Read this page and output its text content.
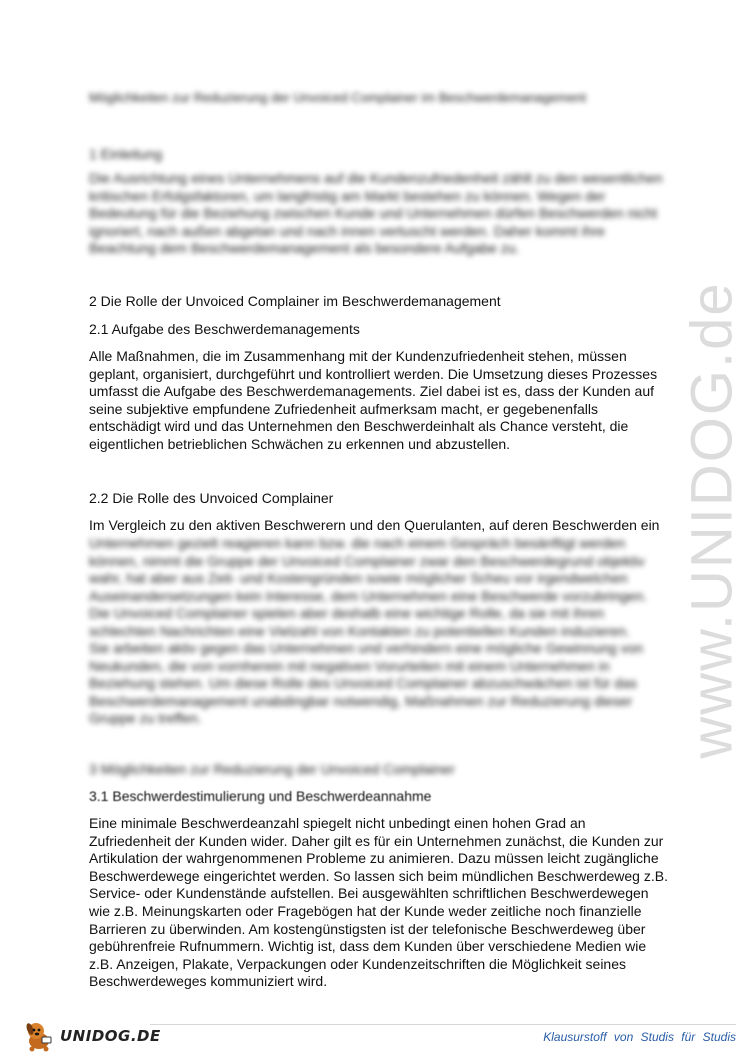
Möglichkeiten zur Reduzierung der Unvoiced Complainer im Beschwerdemanagement
1 Einleitung
Die Ausrichtung eines Unternehmens auf die Kundenzufriedenheit zählt zu den wesentlichen
kritischen Erfolgsfaktoren, um langfristig am Markt bestehen zu können. Wegen der
Bedeutung für die Beziehung zwischen Kunde und Unternehmen dürfen Beschwerden nicht
ignoriert, nach außen abgetan und nach innen vertuscht werden. Daher kommt ihre
Beachtung dem Beschwerdemanagement als besondere Aufgabe zu.
2 Die Rolle der Unvoiced Complainer im Beschwerdemanagement
2.1 Aufgabe des Beschwerdemanagements
Alle Maßnahmen, die im Zusammenhang mit der Kundenzufriedenheit stehen, müssen geplant, organisiert, durchgeführt und kontrolliert werden. Die Umsetzung dieses Prozesses umfasst die Aufgabe des Beschwerdemanagements. Ziel dabei ist es, dass der Kunden auf seine subjektive empfundene Zufriedenheit aufmerksam macht, er gegebenenfalls entschädigt wird und das Unternehmen den Beschwerdeinhalt als Chance versteht, die eigentlichen betrieblichen Schwächen zu erkennen und abzustellen.
2.2 Die Rolle des Unvoiced Complainer
Im Vergleich zu den aktiven Beschwerern und den Querulanten, auf deren Beschwerden ein
Unternehmen gezielt reagieren kann bzw. die nach einem Gespräch besänftigt werden
können, nimmt die Gruppe der Unvoiced Complainer zwar den Beschwerdegrund objektiv
wahr, hat aber aus Zeit- und Kostengründen sowie möglicher Scheu vor irgendwelchen
Auseinandersetzungen kein Interesse, dem Unternehmen eine Beschwerde vorzubringen.
Die Unvoiced Complainer spielen aber deshalb eine wichtige Rolle, da sie mit ihren
schlechten Nachrichten eine Vielzahl von Kontakten zu potentiellen Kunden induzieren.
Sie arbeiten aktiv gegen das Unternehmen und verhindern eine mögliche Gewinnung von
Neukunden, die von vornherein mit negativen Vorurteilen mit einem Unternehmen in
Beziehung stehen. Um diese Rolle des Unvoiced Complainer abzuschwächen ist für das
Beschwerdemanagement unabdingbar notwendig, Maßnahmen zur Reduzierung dieser
Gruppe zu treffen.
3 Möglichkeiten zur Reduzierung der Unvoiced Complainer
3.1 Beschwerdestimulierung und Beschwerdeannahme
Eine minimale Beschwerdeanzahl spiegelt nicht unbedingt einen hohen Grad an Zufriedenheit der Kunden wider. Daher gilt es für ein Unternehmen zunächst, die Kunden zur Artikulation der wahrgenommenen Probleme zu animieren. Dazu müssen leicht zugängliche Beschwerdewege eingerichtet werden. So lassen sich beim mündlichen Beschwerdeweg z.B. Service- oder Kundenstände aufstellen. Bei ausgewählten schriftlichen Beschwerdewegen wie z.B. Meinungskarten oder Fragebögen hat der Kunde weder zeitliche noch finanzielle Barrieren zu überwinden. Am kostengünstigsten ist der telefonische Beschwerdeweg über gebührenfreie Rufnummern. Wichtig ist, dass dem Kunden über verschiedene Medien wie z.B. Anzeigen, Plakate, Verpackungen oder Kundenzeitschriften die Möglichkeit seines Beschwerdeweges kommuniziert wird.
www.UNIDOG.de
UNIDOG.DE	Klausurstoff von Studis für Studis
